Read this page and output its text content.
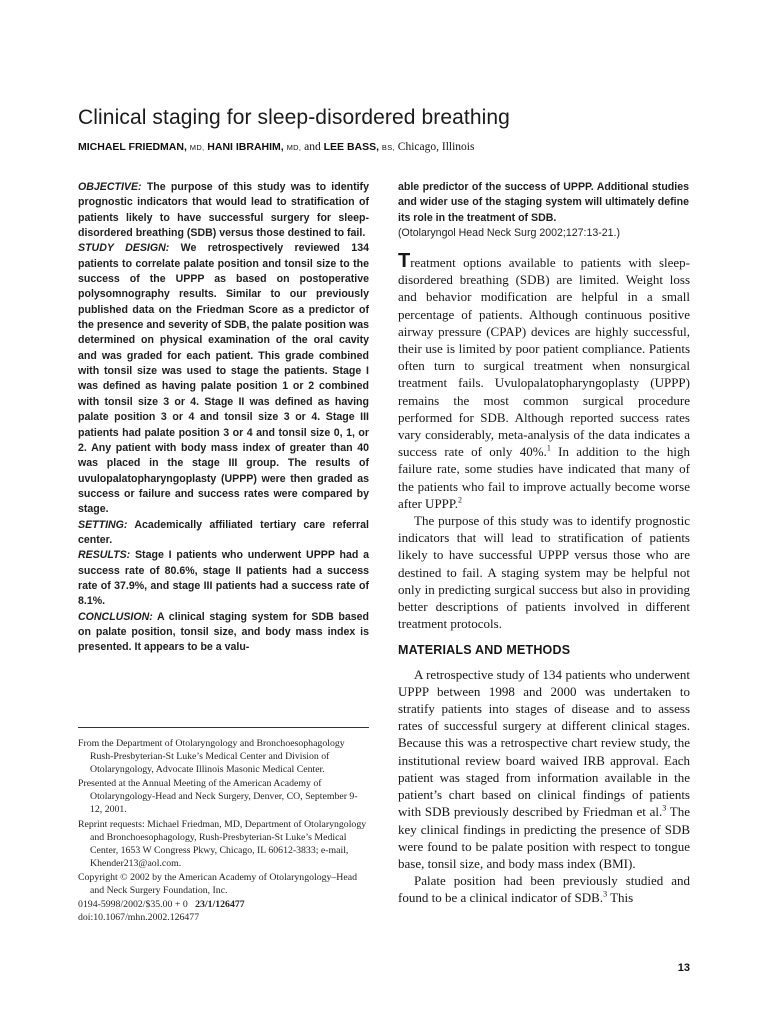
Clinical staging for sleep-disordered breathing
MICHAEL FRIEDMAN, MD, HANI IBRAHIM, MD, and LEE BASS, BS, Chicago, Illinois

OBJECTIVE: The purpose of this study was to identify prognostic indicators that would lead to stratification of patients likely to have successful surgery for sleep-disordered breathing (SDB) versus those destined to fail.

STUDY DESIGN: We retrospectively reviewed 134 patients to correlate palate position and tonsil size to the success of the UPPP as based on postoperative polysomnography results. Similar to our previously published data on the Friedman Score as a predictor of the presence and severity of SDB, the palate position was determined on physical examination of the oral cavity and was graded for each patient. This grade combined with tonsil size was used to stage the patients. Stage I was defined as having palate position 1 or 2 combined with tonsil size 3 or 4. Stage II was defined as having palate position 3 or 4 and tonsil size 3 or 4. Stage III patients had palate position 3 or 4 and tonsil size 0, 1, or 2. Any patient with body mass index of greater than 40 was placed in the stage III group. The results of uvulopalatopharyngoplasty (UPPP) were then graded as success or failure and success rates were compared by stage.

SETTING: Academically affiliated tertiary care referral center.

RESULTS: Stage I patients who underwent UPPP had a success rate of 80.6%, stage II patients had a success rate of 37.9%, and stage III patients had a success rate of 8.1%.

CONCLUSION: A clinical staging system for SDB based on palate position, tonsil size, and body mass index is presented. It appears to be a valu-

able predictor of the success of UPPP. Additional studies and wider use of the staging system will ultimately define its role in the treatment of SDB.

(Otolaryngol Head Neck Surg 2002;127:13-21.)

From the Department of Otolaryngology and Bronchoesophagology Rush-Presbyterian-St Luke’s Medical Center and Division of Otolaryngology, Advocate Illinois Masonic Medical Center.

Presented at the Annual Meeting of the American Academy of Otolaryngology-Head and Neck Surgery, Denver, CO, September 9-12, 2001.

Reprint requests: Michael Friedman, MD, Department of Otolaryngology and Bronchoesophagology, Rush-Presbyterian-St Luke’s Medical Center, 1653 W Congress Pkwy, Chicago, IL 60612-3833; e-mail, Khender213@aol.com.

Copyright © 2002 by the American Academy of Otolaryngology–Head and Neck Surgery Foundation, Inc.

0194-5998/2002/$35.00 + 0 23/1/126477

doi:10.1067/mhn.2002.126477

Treatment options available to patients with sleep-disordered breathing (SDB) are limited. Weight loss and behavior modification are helpful in a small percentage of patients. Although continuous positive airway pressure (CPAP) devices are highly successful, their use is limited by poor patient compliance. Patients often turn to surgical treatment when nonsurgical treatment fails. Uvulopalatopharyngoplasty (UPPP) remains the most common surgical procedure performed for SDB. Although reported success rates vary considerably, meta-analysis of the data indicates a success rate of only 40%.$^1$ In addition to the high failure rate, some studies have indicated that many of the patients who fail to improve actually become worse after UPPP.$^2$

The purpose of this study was to identify prognostic indicators that will lead to stratification of patients likely to have successful UPPP versus those who are destined to fail. A staging system may be helpful not only in predicting surgical success but also in providing better descriptions of patients involved in different treatment protocols.

MATERIALS AND METHODS

A retrospective study of 134 patients who underwent UPPP between 1998 and 2000 was undertaken to stratify patients into stages of disease and to assess rates of successful surgery at different clinical stages. Because this was a retrospective chart review study, the institutional review board waived IRB approval. Each patient was staged from information available in the patient’s chart based on clinical findings of patients with SDB previously described by Friedman et al.$^3$ The key clinical findings in predicting the presence of SDB were found to be palate position with respect to tongue base, tonsil size, and body mass index (BMI).

Palate position had been previously studied and found to be a clinical indicator of SDB.$^3$ This

13
